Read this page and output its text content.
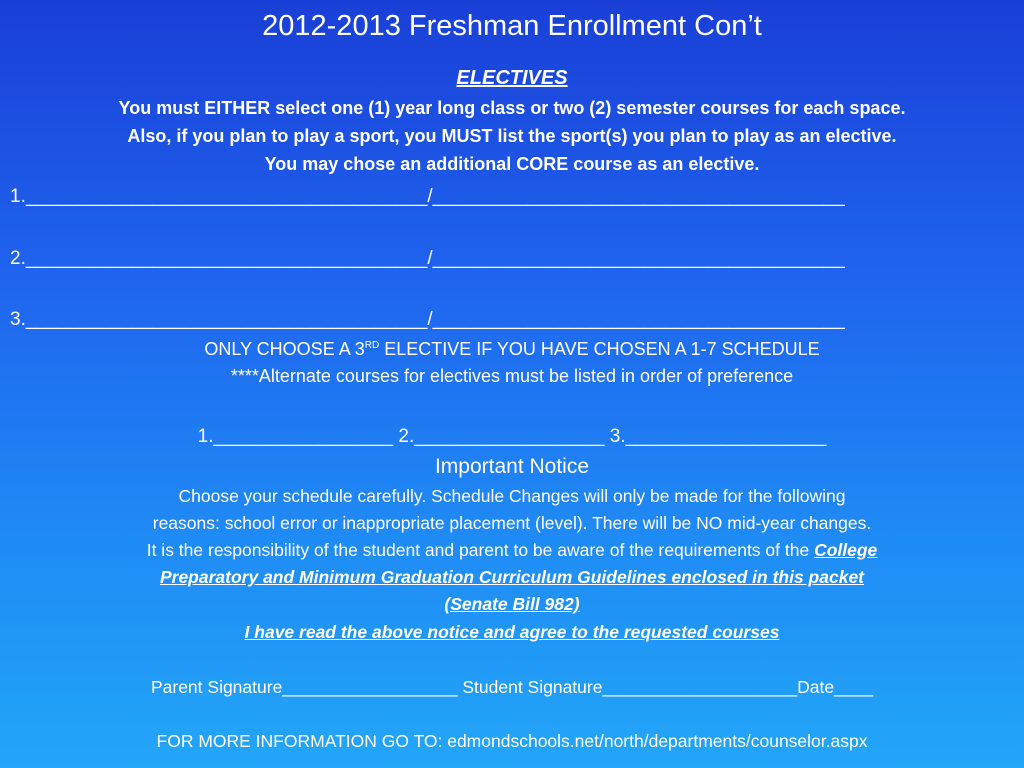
2012-2013 Freshman Enrollment Con’t
ELECTIVES
You must EITHER select one (1) year long class or two (2) semester courses for each space.
Also, if you plan to play a sport, you MUST list the sport(s) you plan to play as an elective.
You may chose an additional CORE course as an elective.
1.______________________________________/_______________________________________
2.______________________________________/_______________________________________
3.______________________________________/_______________________________________
ONLY CHOOSE A 3RD ELECTIVE IF YOU HAVE CHOSEN A 1-7 SCHEDULE
****Alternate courses for electives must be listed in order of preference
1._________________ 2.__________________ 3.___________________
Important Notice
Choose your schedule carefully. Schedule Changes will only be made for the following
reasons: school error or inappropriate placement (level). There will be NO mid-year changes.
It is the responsibility of the student and parent to be aware of the requirements of the College
Preparatory and Minimum Graduation Curriculum Guidelines enclosed in this packet
(Senate Bill 982)
I have read the above notice and agree to the requested courses
Parent Signature__________________ Student Signature____________________Date____
FOR MORE INFORMATION GO TO: edmondschools.net/north/departments/counselor.aspx
